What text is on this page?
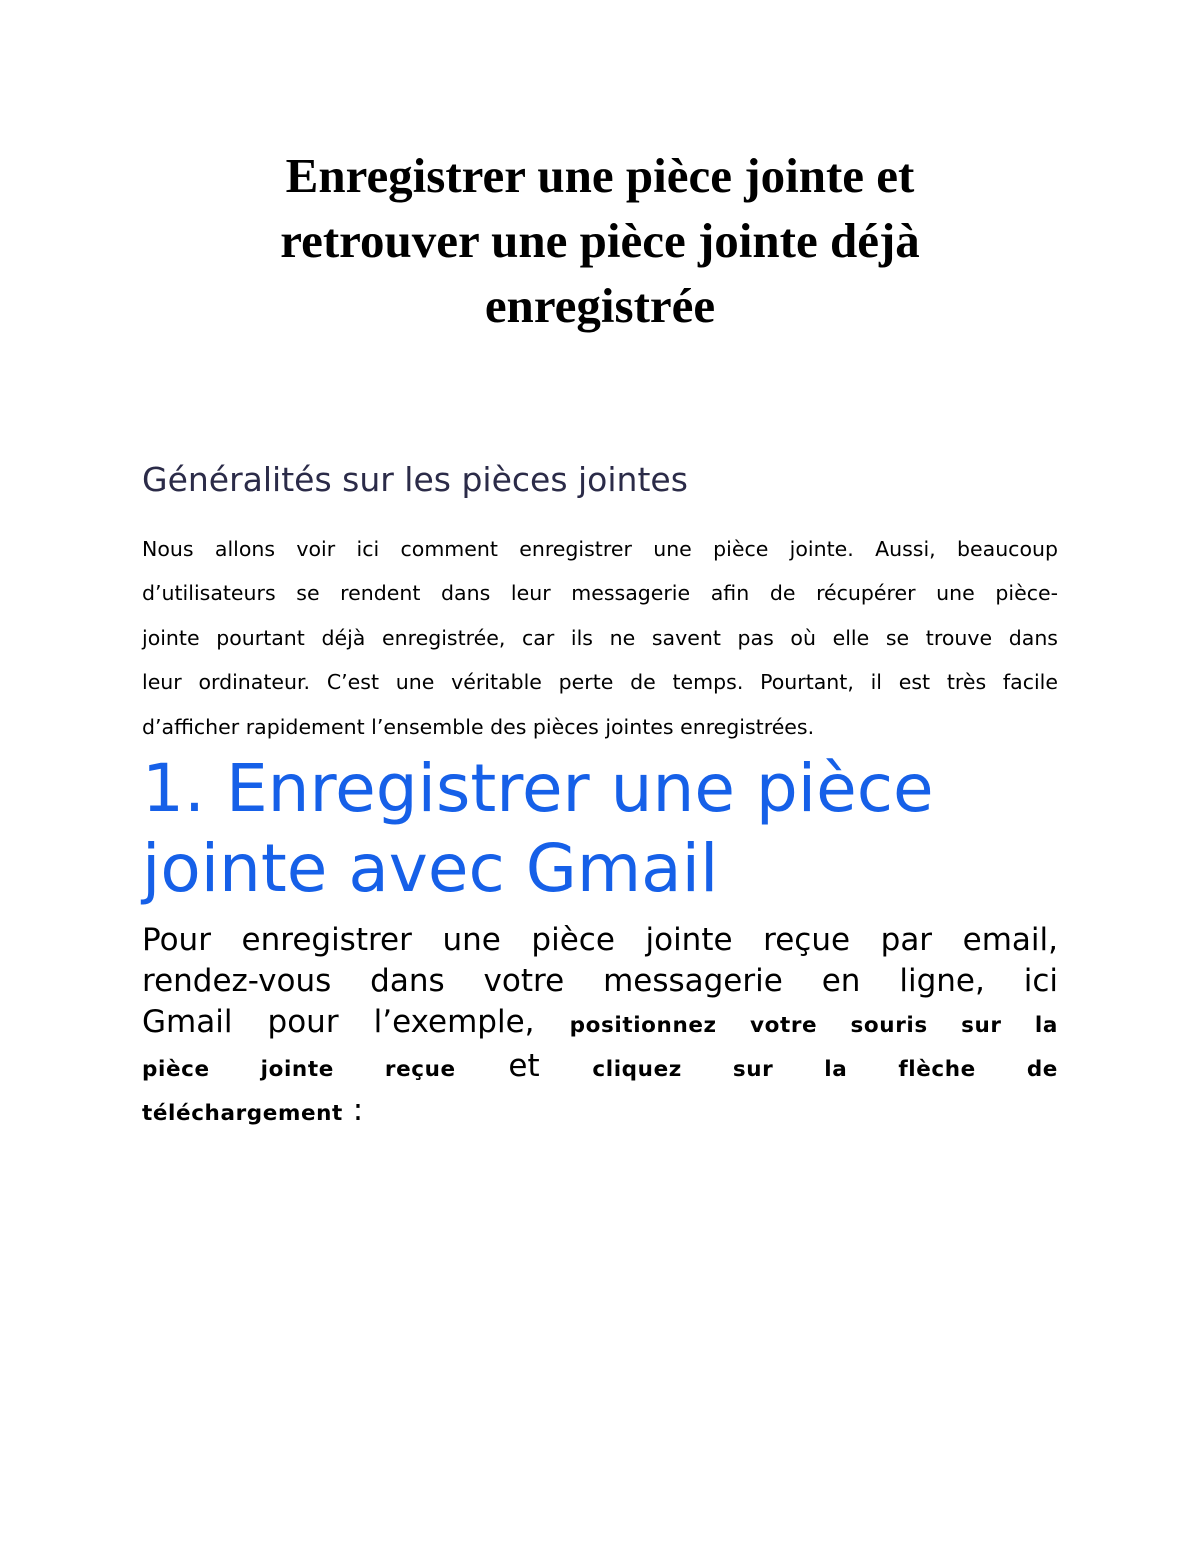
Enregistrer une pièce jointe et
retrouver une pièce jointe déjà
enregistrée
Généralités sur les pièces jointes

Nous allons voir ici comment enregistrer une pièce jointe. Aussi, beaucoup
d’utilisateurs se rendent dans leur messagerie afin de récupérer une pièce-
jointe pourtant déjà enregistrée, car ils ne savent pas où elle se trouve dans
leur ordinateur. C’est une véritable perte de temps. Pourtant, il est très facile
d’afficher rapidement l’ensemble des pièces jointes enregistrées.

1. Enregistrer une pièce
jointe avec Gmail

Pour enregistrer une pièce jointe reçue par email,
rendez-vous dans votre messagerie en ligne, ici
Gmail pour l’exemple, positionnez votre souris sur la
pièce jointe reçue et cliquez sur la flèche de
téléchargement :
